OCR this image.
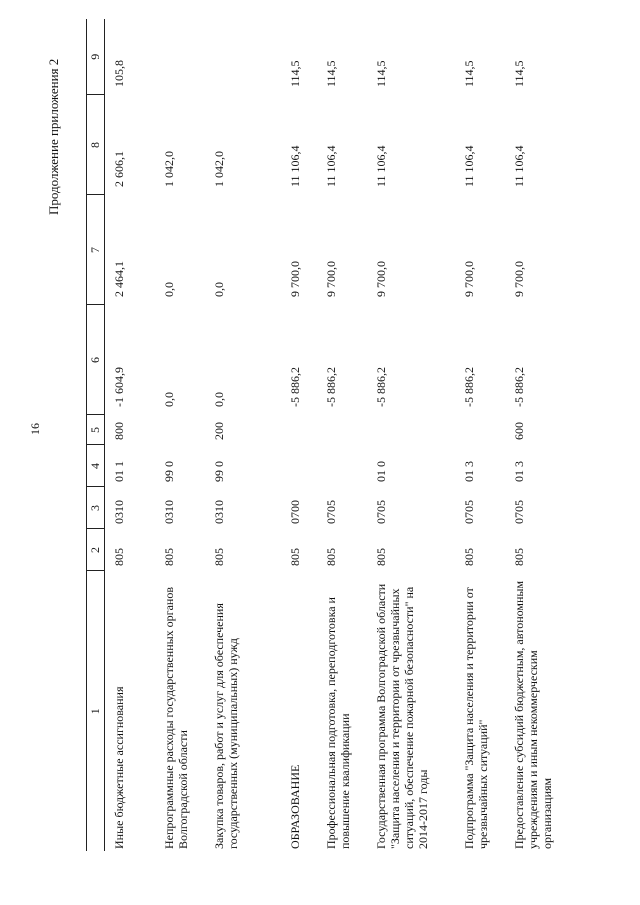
16
Продолжение приложения 2
1	2	3	4	5	6	7	8	9
Иные бюджетные ассигнования	805	0310	01 1	800	-1 604,9	2 464,1	2 606,1	105,8
Непрограммные расходы государственных органов Волгоградской области	805	0310	99 0		0,0	0,0	1 042,0	
Закупка товаров, работ и услуг для обеспечения государственных (муниципальных) нужд	805	0310	99 0	200	0,0	0,0	1 042,0	
ОБРАЗОВАНИЕ	805	0700			-5 886,2	9 700,0	11 106,4	114,5
Профессиональная подготовка, переподготовка и повышение квалификации	805	0705			-5 886,2	9 700,0	11 106,4	114,5
Государственная программа Волгоградской области "Защита населения и территории от чрезвычайных ситуаций, обеспечение пожарной безопасности" на 2014-2017 годы	805	0705	01 0		-5 886,2	9 700,0	11 106,4	114,5
Подпрограмма "Защита населения и территории от чрезвычайных ситуаций"	805	0705	01 3		-5 886,2	9 700,0	11 106,4	114,5
Предоставление субсидий бюджетным, автономным учреждениям и иным некоммерческим организациям	805	0705	01 3	600	-5 886,2	9 700,0	11 106,4	114,5
